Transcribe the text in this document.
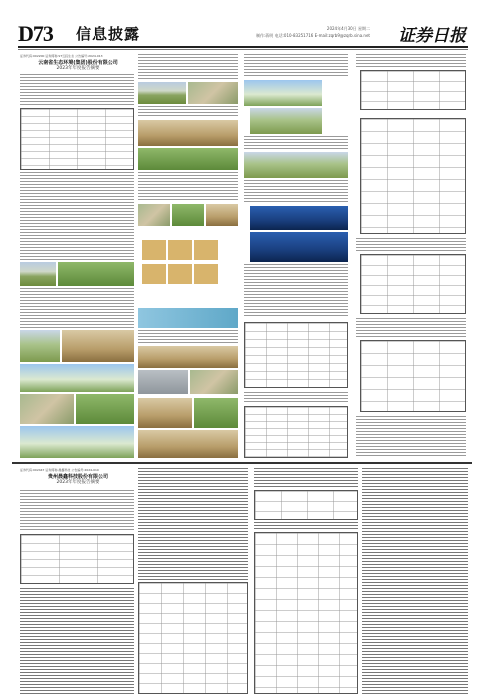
D73 信息披露	2024年4月30日 星期二
制作:蒋明 电话:010-83251716 E-mail:zqrb9@zqrb.sina.net 证券日报
证券代码:002200 证券简称:ST云投生态 公告编号:2024-013
云南省生态环境(集团)股份有限公司
2023年年度报告摘要
证券代码:002447 证券简称:晨鑫科技 公告编号:2024-010
贵州晨鑫科技股份有限公司
2023年年度报告摘要
